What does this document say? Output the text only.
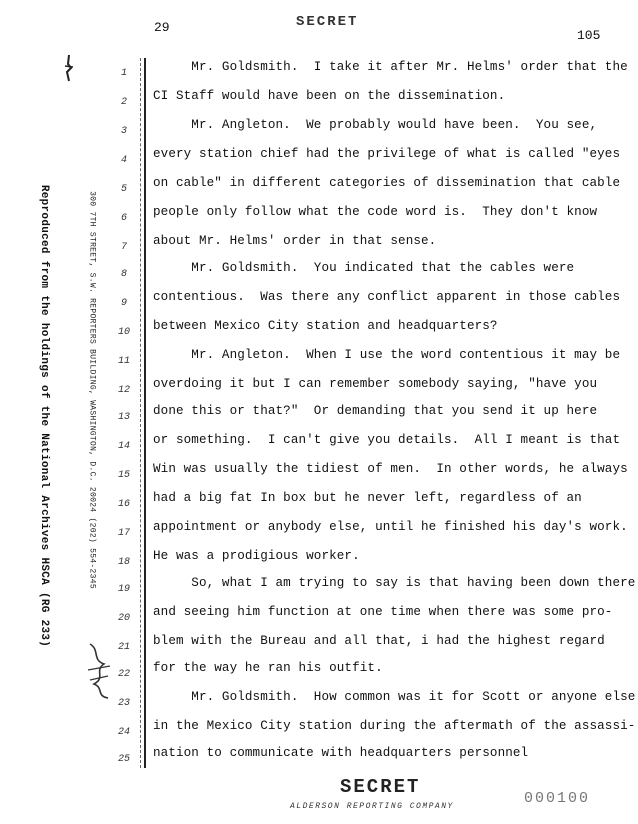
29	SECRET
105
Reproduced from the holdings of the National Archives HSCA (RG 233)	300 7TH STREET, S.W. REPORTERS BUILDING, WASHINGTON, D.C. 20024 (202) 554-2345
1
2
3
4
5
6
7
8
9
10
11
12
13
14
15
16
17
18
19
20
21
22
23
24
25
Mr. Goldsmith.  I take it after Mr. Helms' order that the
CI Staff would have been on the dissemination.
Mr. Angleton.  We probably would have been.  You see,
every station chief had the privilege of what is called "eyes
on cable" in different categories of dissemination that cable
people only follow what the code word is.  They don't know
about Mr. Helms' order in that sense.
Mr. Goldsmith.  You indicated that the cables were
contentious.  Was there any conflict apparent in those cables
between Mexico City station and headquarters?
Mr. Angleton.  When I use the word contentious it may be
overdoing it but I can remember somebody saying, "have you
done this or that?"  Or demanding that you send it up here
or something.  I can't give you details.  All I meant is that
Win was usually the tidiest of men.  In other words, he always
had a big fat In box but he never left, regardless of an
appointment or anybody else, until he finished his day's work.
He was a prodigious worker.
So, what I am trying to say is that having been down there
and seeing him function at one time when there was some pro-
blem with the Bureau and all that, i had the highest regard
for the way he ran his outfit.
Mr. Goldsmith.  How common was it for Scott or anyone else
in the Mexico City station during the aftermath of the assassi-
nation to communicate with headquarters personnel
SECRET
ALDERSON REPORTING COMPANY	000100
